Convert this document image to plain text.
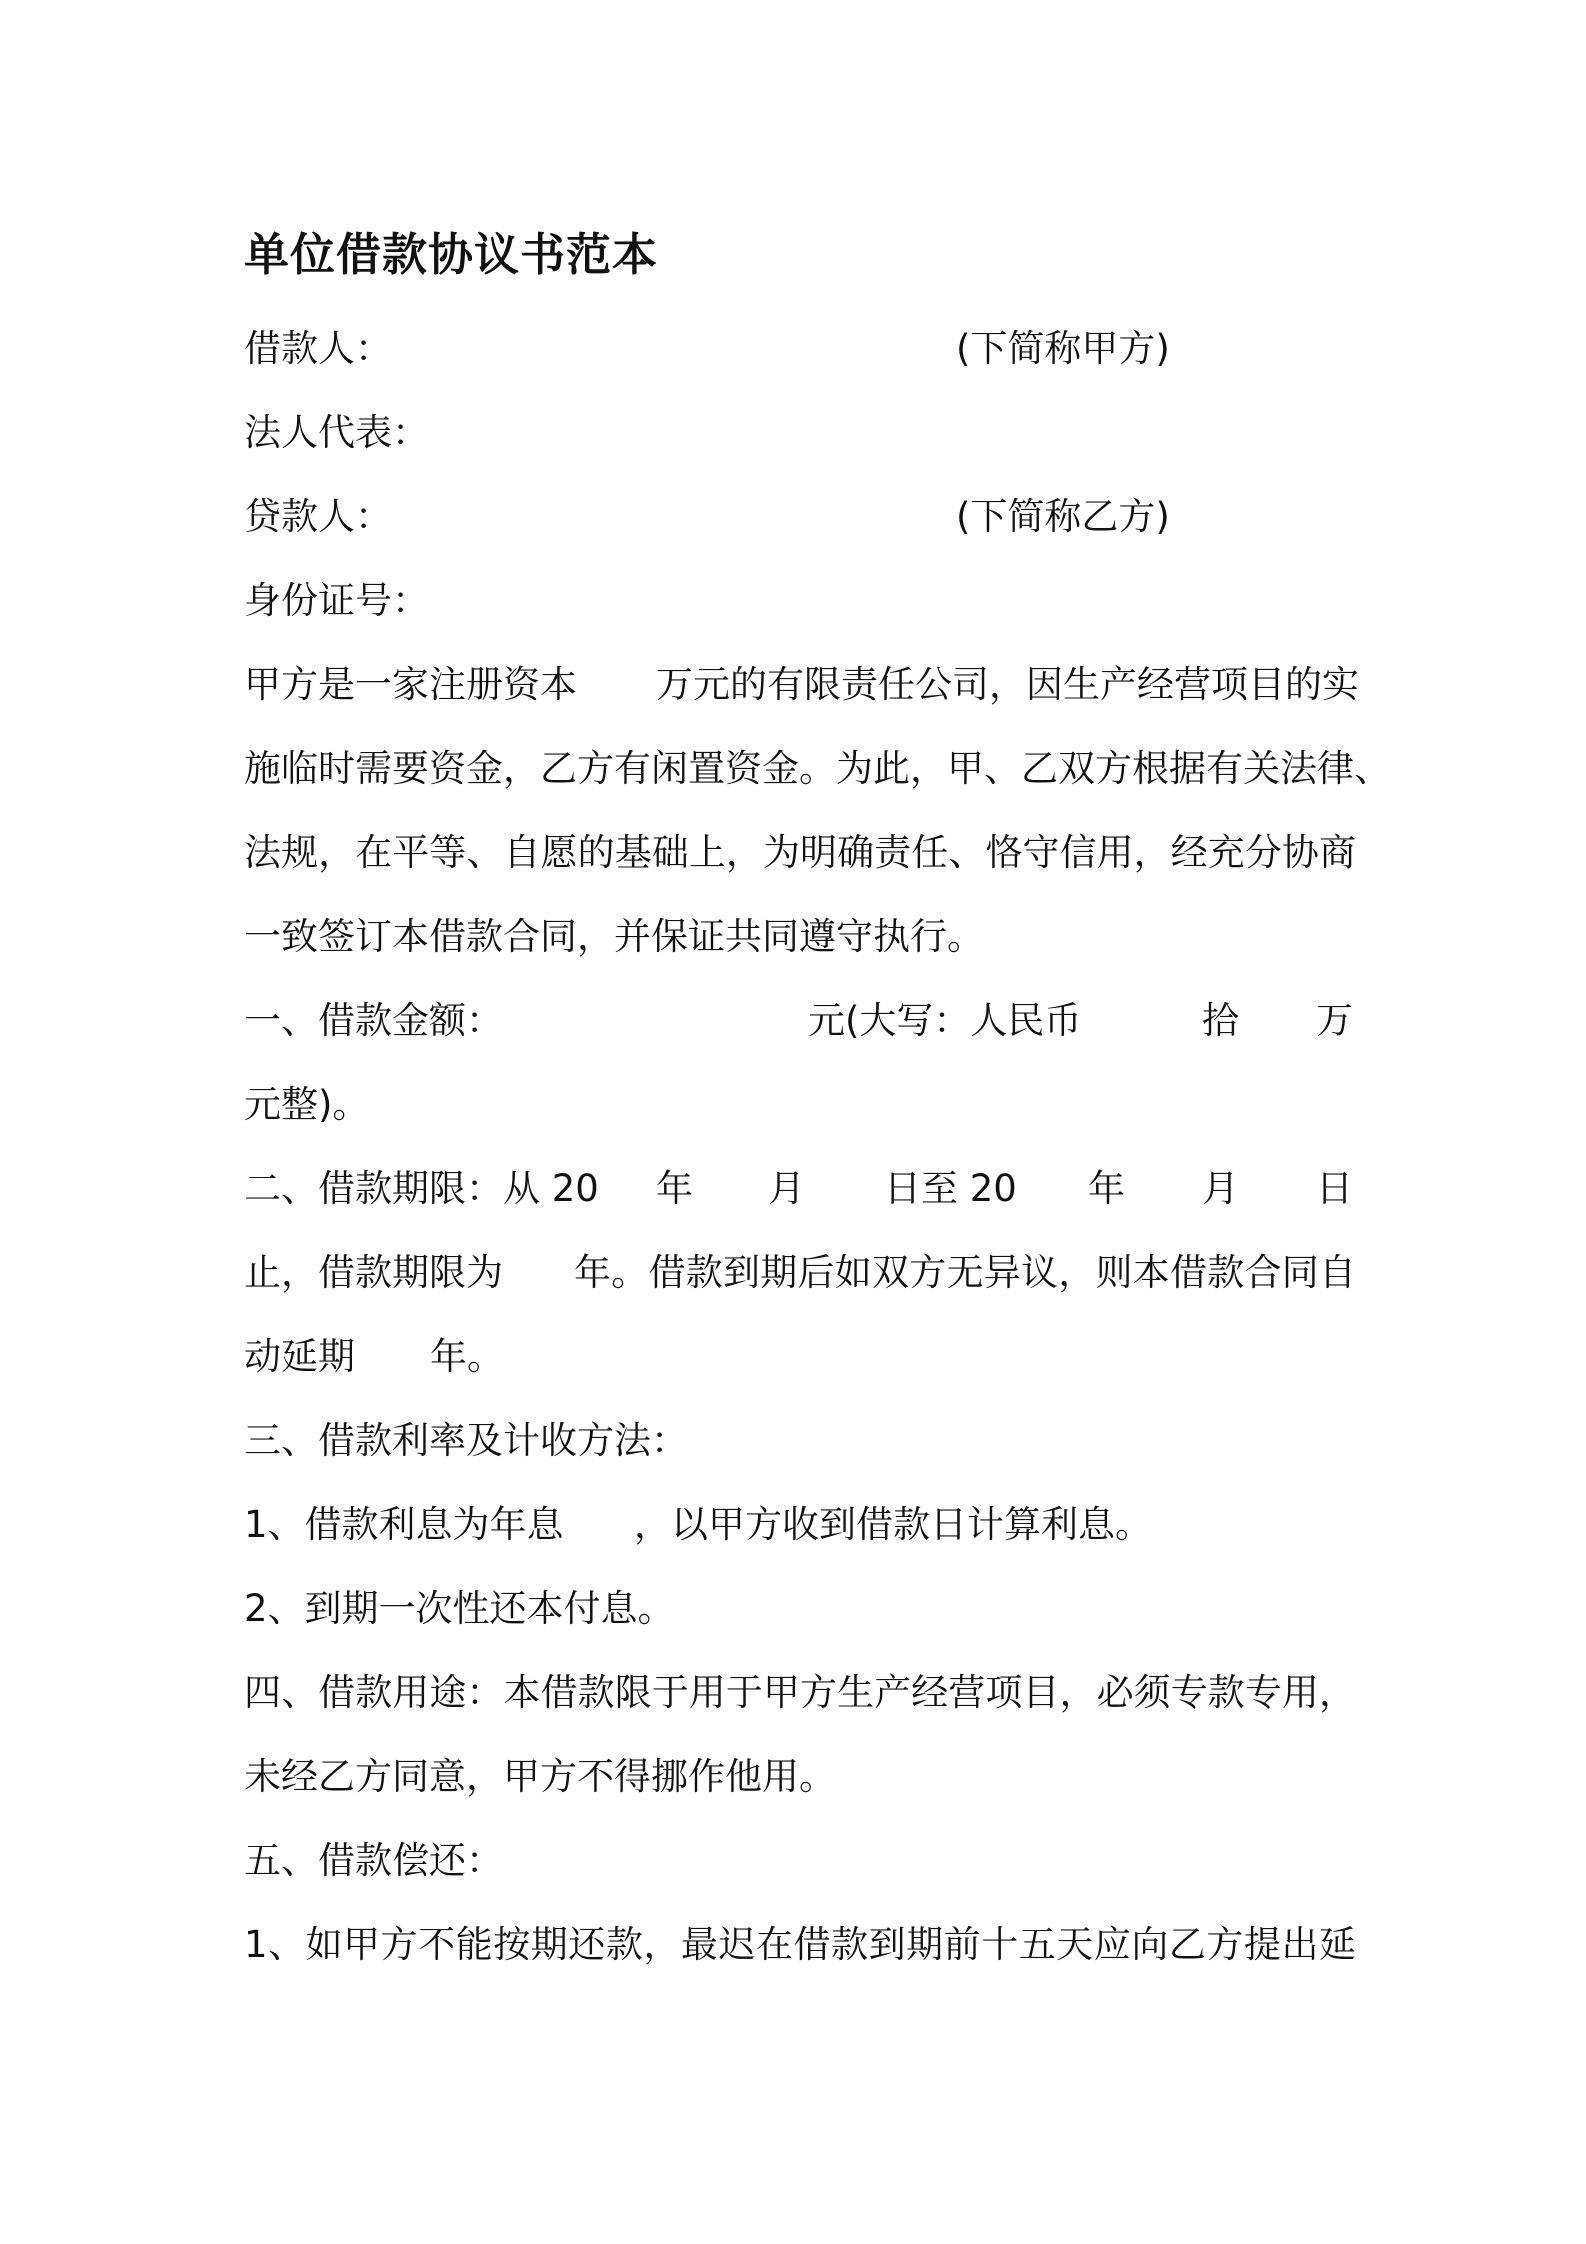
单位借款协议书范本
借款人：	(下简称甲方)
法人代表：
贷款人：	(下简称乙方)
身份证号：
甲方是一家注册资本 万元的有限责任公司，因生产经营项目的实
施临时需要资金，乙方有闲置资金。为此，甲、乙双方根据有关法律、
法规，在平等、自愿的基础上，为明确责任、恪守信用，经充分协商
一致签订本借款合同，并保证共同遵守执行。
一、借款金额：	元(大写：人民币	拾 万
元整)。
二、借款期限：从 20 年 月 日至 20 年 月 日
止，借款期限为 年。借款到期后如双方无异议，则本借款合同自
动延期 年。
三、借款利率及计收方法：
1、借款利息为年息 ，以甲方收到借款日计算利息。
2、到期一次性还本付息。
四、借款用途：本借款限于用于甲方生产经营项目，必须专款专用，
未经乙方同意，甲方不得挪作他用。
五、借款偿还：
1、如甲方不能按期还款，最迟在借款到期前十五天应向乙方提出延
